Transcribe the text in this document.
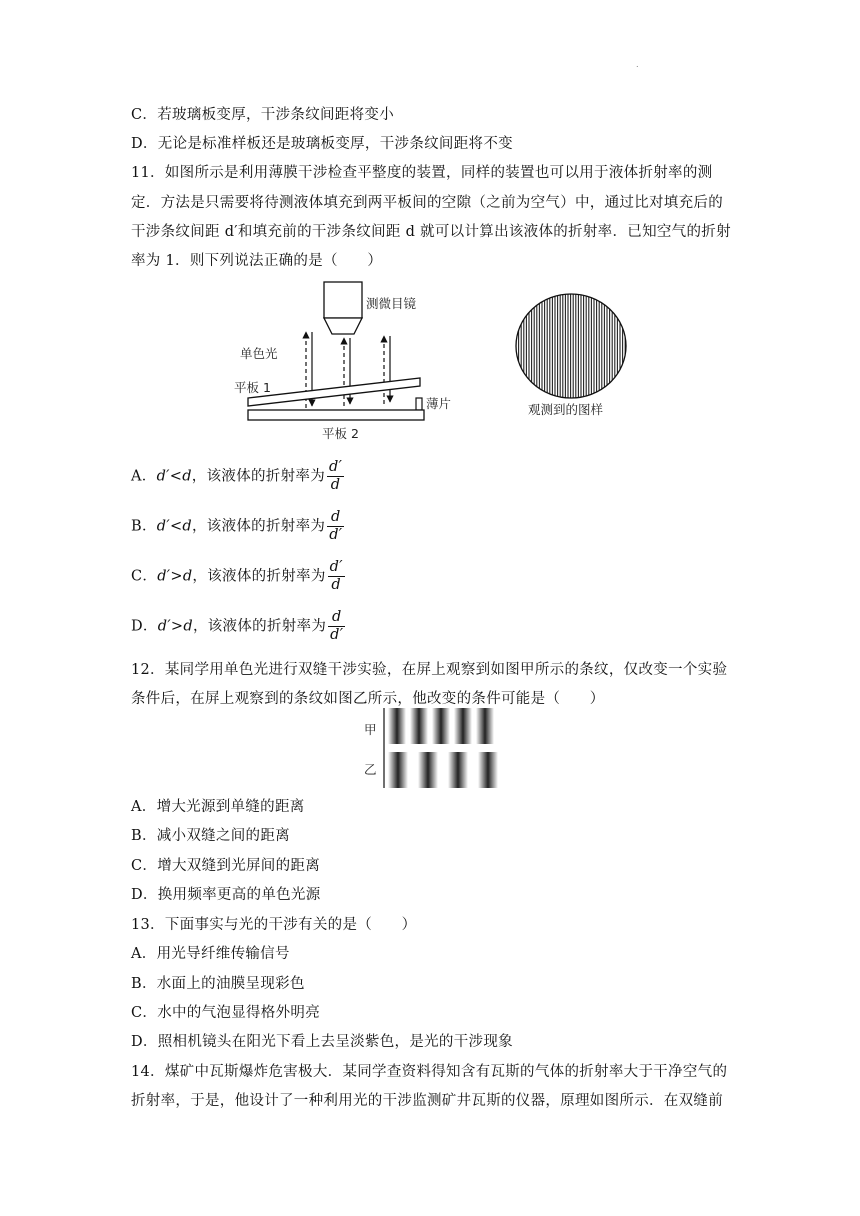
.
C．若玻璃板变厚，干涉条纹间距将变小
D．无论是标准样板还是玻璃板变厚，干涉条纹间距将不变
11．如图所示是利用薄膜干涉检查平整度的装置，同样的装置也可以用于液体折射率的测
定．方法是只需要将待测液体填充到两平板间的空隙（之前为空气）中，通过比对填充后的
干涉条纹间距 d′和填充前的干涉条纹间距 d 就可以计算出该液体的折射率．已知空气的折射
率为 1．则下列说法正确的是（　　）
测微目镜
单色光
平板 1
薄片
平板 2
观测到的图样
A．d′<d，该液体的折射率为 $\frac{d'}{d}$
B．d′<d，该液体的折射率为 $\frac{d}{d'}$
C．d′>d，该液体的折射率为 $\frac{d'}{d}$
D．d′>d，该液体的折射率为 $\frac{d}{d'}$
12．某同学用单色光进行双缝干涉实验，在屏上观察到如图甲所示的条纹，仅改变一个实验
条件后，在屏上观察到的条纹如图乙所示，他改变的条件可能是（　　）
甲
乙
A．增大光源到单缝的距离
B．减小双缝之间的距离
C．增大双缝到光屏间的距离
D．换用频率更高的单色光源
13．下面事实与光的干涉有关的是（　　）
A．用光导纤维传输信号
B．水面上的油膜呈现彩色
C．水中的气泡显得格外明亮
D．照相机镜头在阳光下看上去呈淡紫色，是光的干涉现象
14．煤矿中瓦斯爆炸危害极大．某同学查资料得知含有瓦斯的气体的折射率大于干净空气的
折射率，于是，他设计了一种利用光的干涉监测矿井瓦斯的仪器，原理如图所示．在双缝前
